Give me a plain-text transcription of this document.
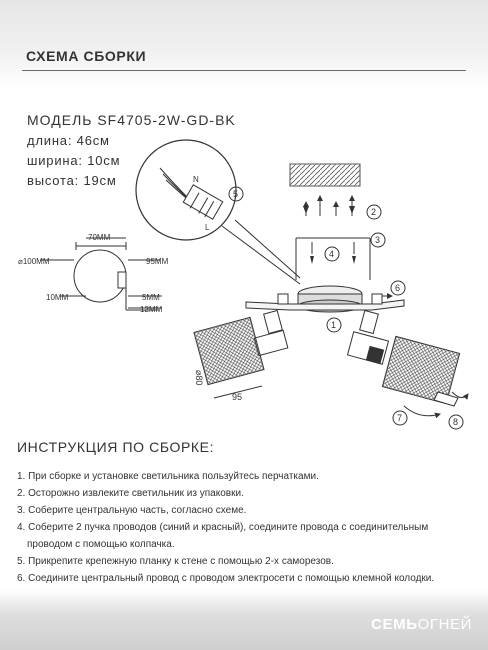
СХЕМА СБОРКИ
МОДЕЛЬ SF4705-2W-GD-BK
длина: 46см
ширина: 10см
высота: 19см	N
L
95
⌀80
70ММ
⌀100ММ	95ММ
10ММ	5ММ
12ММ
1
2
3
4
5
6
7	8
ИНСТРУКЦИЯ ПО СБОРКЕ:
1. При сборке и установке светильника пользуйтесь перчатками.
2. Осторожно извлеките светильник из упаковки.
3. Соберите центральную часть, согласно схеме.
4. Соберите 2 пучка проводов (синий и красный), соедините провода с соединительным
проводом с помощью колпачка.
5. Прикрепите крепежную планку к стене с помощью 2-х саморезов.
6. Соедините центральный провод с проводом электросети с помощью клемной колодки.
СЕМЬОГНЕЙ
